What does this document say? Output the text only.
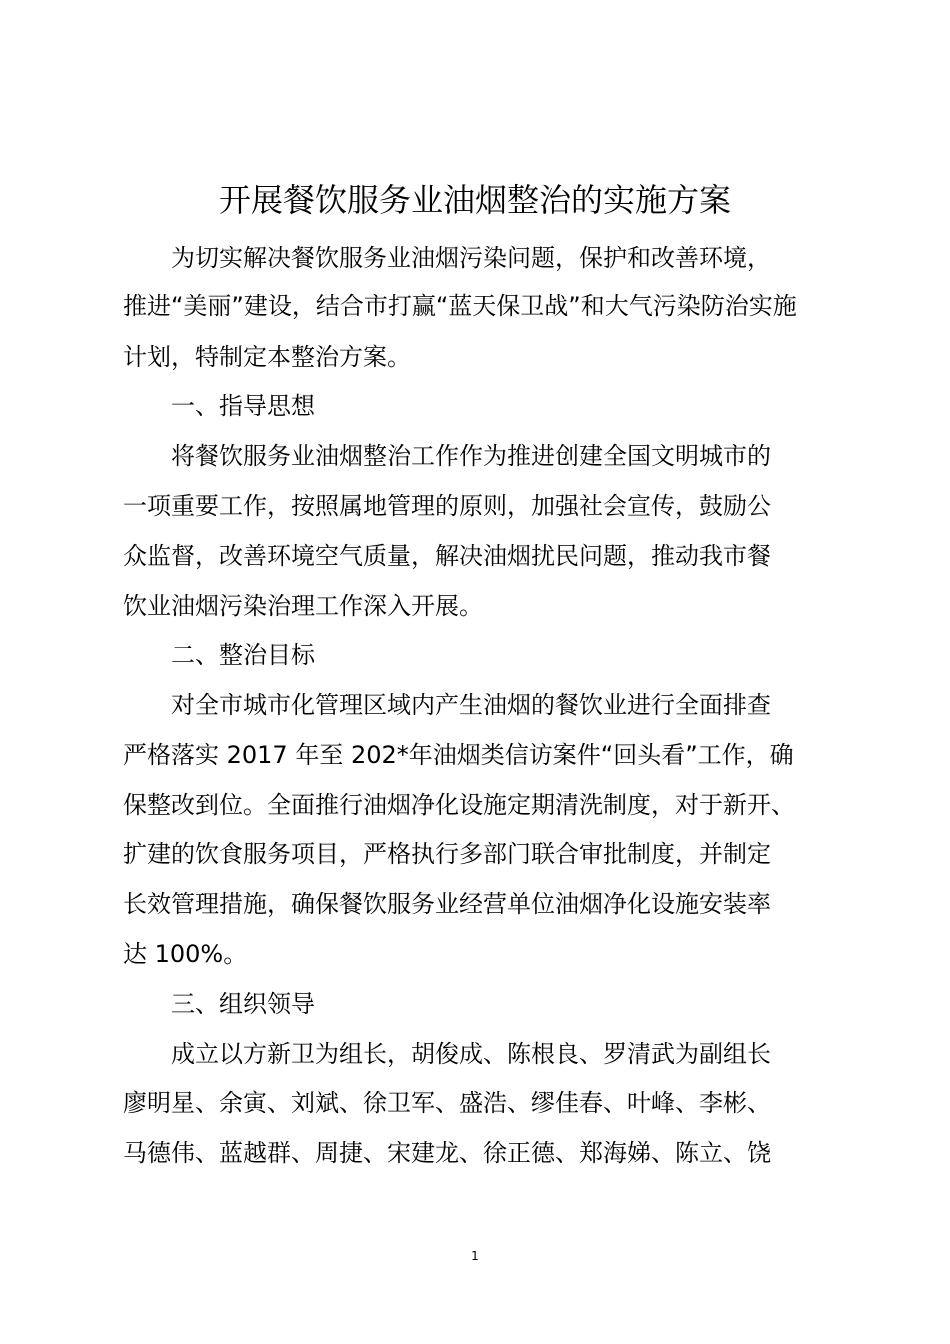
开展餐饮服务业油烟整治的实施方案
为切实解决餐饮服务业油烟污染问题，保护和改善环境，
推进“美丽”建设，结合市打赢“蓝天保卫战”和大气污染防治实施
计划，特制定本整治方案。
一、指导思想
将餐饮服务业油烟整治工作作为推进创建全国文明城市的
一项重要工作，按照属地管理的原则，加强社会宣传，鼓励公
众监督，改善环境空气质量，解决油烟扰民问题，推动我市餐
饮业油烟污染治理工作深入开展。
二、整治目标
对全市城市化管理区域内产生油烟的餐饮业进行全面排查
严格落实 2017 年至 202*年油烟类信访案件“回头看”工作，确
保整改到位。全面推行油烟净化设施定期清洗制度，对于新开、
扩建的饮食服务项目，严格执行多部门联合审批制度，并制定
长效管理措施，确保餐饮服务业经营单位油烟净化设施安装率
达 100%。
三、组织领导
成立以方新卫为组长，胡俊成、陈根良、罗清武为副组长
廖明星、余寅、刘斌、徐卫军、盛浩、缪佳春、叶峰、李彬、
马德伟、蓝越群、周捷、宋建龙、徐正德、郑海娣、陈立、饶
1
